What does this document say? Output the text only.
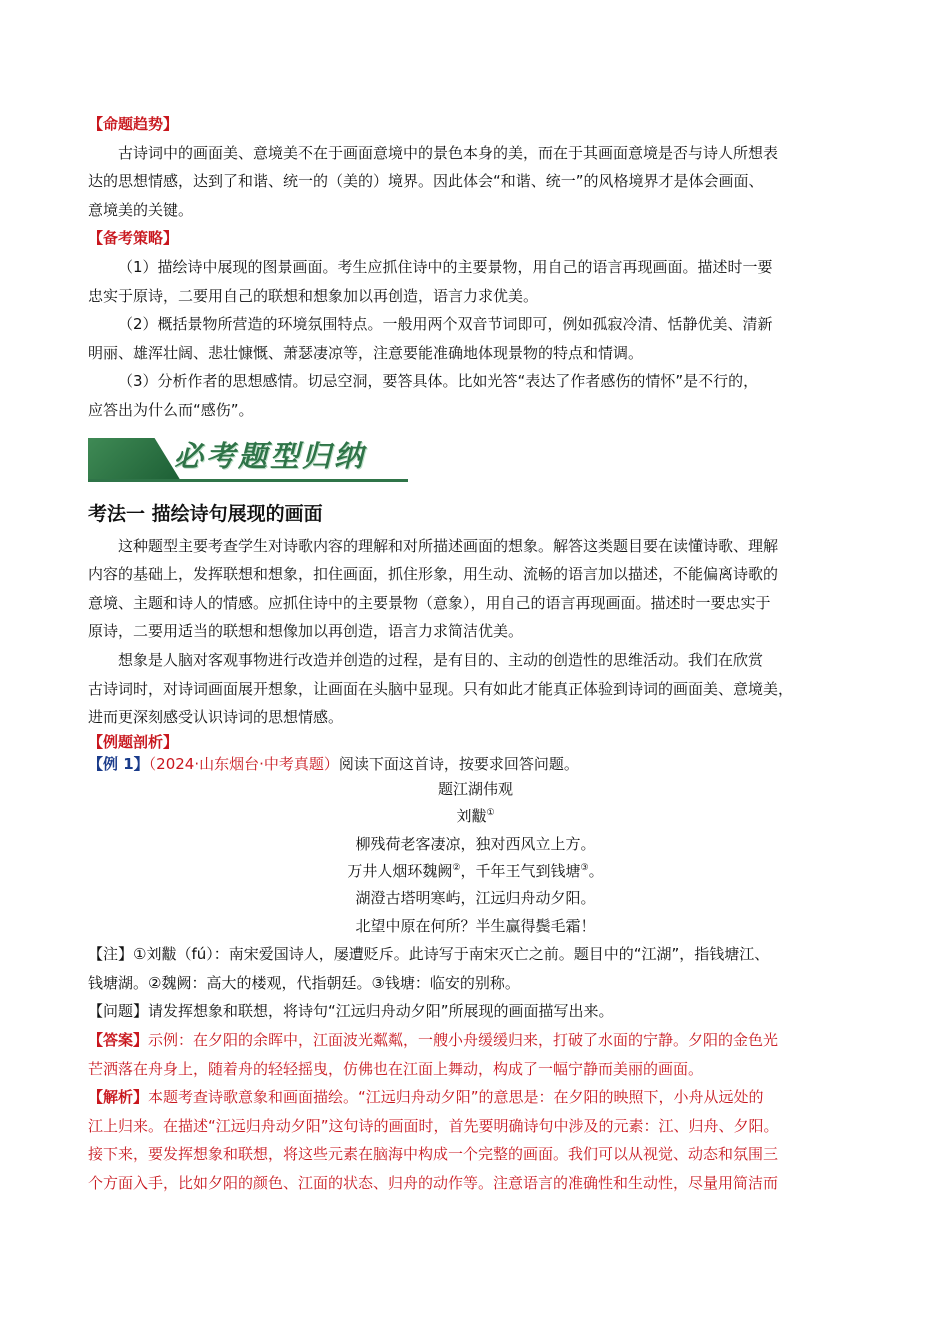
【命题趋势】
古诗词中的画面美、意境美不在于画面意境中的景色本身的美，而在于其画面意境是否与诗人所想表
达的思想情感，达到了和谐、统一的（美的）境界。因此体会“和谐、统一”的风格境界才是体会画面、
意境美的关键。
【备考策略】
（1）描绘诗中展现的图景画面。考生应抓住诗中的主要景物，用自己的语言再现画面。描述时一要
忠实于原诗，二要用自己的联想和想象加以再创造，语言力求优美。
（2）概括景物所营造的环境氛围特点。一般用两个双音节词即可，例如孤寂冷清、恬静优美、清新
明丽、雄浑壮阔、悲壮慷慨、萧瑟凄凉等，注意要能准确地体现景物的特点和情调。
（3）分析作者的思想感情。切忌空洞，要答具体。比如光答“表达了作者感伤的情怀”是不行的，
应答出为什么而“感伤”。
必考题型归纳
考法一 描绘诗句展现的画面
这种题型主要考查学生对诗歌内容的理解和对所描述画面的想象。解答这类题目要在读懂诗歌、理解
内容的基础上，发挥联想和想象，扣住画面，抓住形象，用生动、流畅的语言加以描述，不能偏离诗歌的
意境、主题和诗人的情感。应抓住诗中的主要景物（意象），用自己的语言再现画面。描述时一要忠实于
原诗，二要用适当的联想和想像加以再创造，语言力求简洁优美。
想象是人脑对客观事物进行改造并创造的过程，是有目的、主动的创造性的思维活动。我们在欣赏
古诗词时，对诗词画面展开想象，让画面在头脑中显现。只有如此才能真正体验到诗词的画面美、意境美，
进而更深刻感受认识诗词的思想情感。
【例题剖析】
【例 1】（2024·山东烟台·中考真题）阅读下面这首诗，按要求回答问题。
题江湖伟观
刘黻①
柳残荷老客凄凉，独对西风立上方。
万井人烟环魏阙②，千年王气到钱塘③。
湖澄古塔明寒屿，江远归舟动夕阳。
北望中原在何所？半生赢得鬓毛霜！
【注】①刘黻（fú）：南宋爱国诗人，屡遭贬斥。此诗写于南宋灭亡之前。题目中的“江湖”，指钱塘江、
钱塘湖。②魏阙：高大的楼观，代指朝廷。③钱塘：临安的别称。
【问题】请发挥想象和联想，将诗句“江远归舟动夕阳”所展现的画面描写出来。
【答案】示例：在夕阳的余晖中，江面波光粼粼，一艘小舟缓缓归来，打破了水面的宁静。夕阳的金色光
芒洒落在舟身上，随着舟的轻轻摇曳，仿佛也在江面上舞动，构成了一幅宁静而美丽的画面。
【解析】本题考查诗歌意象和画面描绘。“江远归舟动夕阳”的意思是：在夕阳的映照下，小舟从远处的
江上归来。在描述“江远归舟动夕阳”这句诗的画面时，首先要明确诗句中涉及的元素：江、归舟、夕阳。
接下来，要发挥想象和联想，将这些元素在脑海中构成一个完整的画面。我们可以从视觉、动态和氛围三
个方面入手，比如夕阳的颜色、江面的状态、归舟的动作等。注意语言的准确性和生动性，尽量用简洁而
